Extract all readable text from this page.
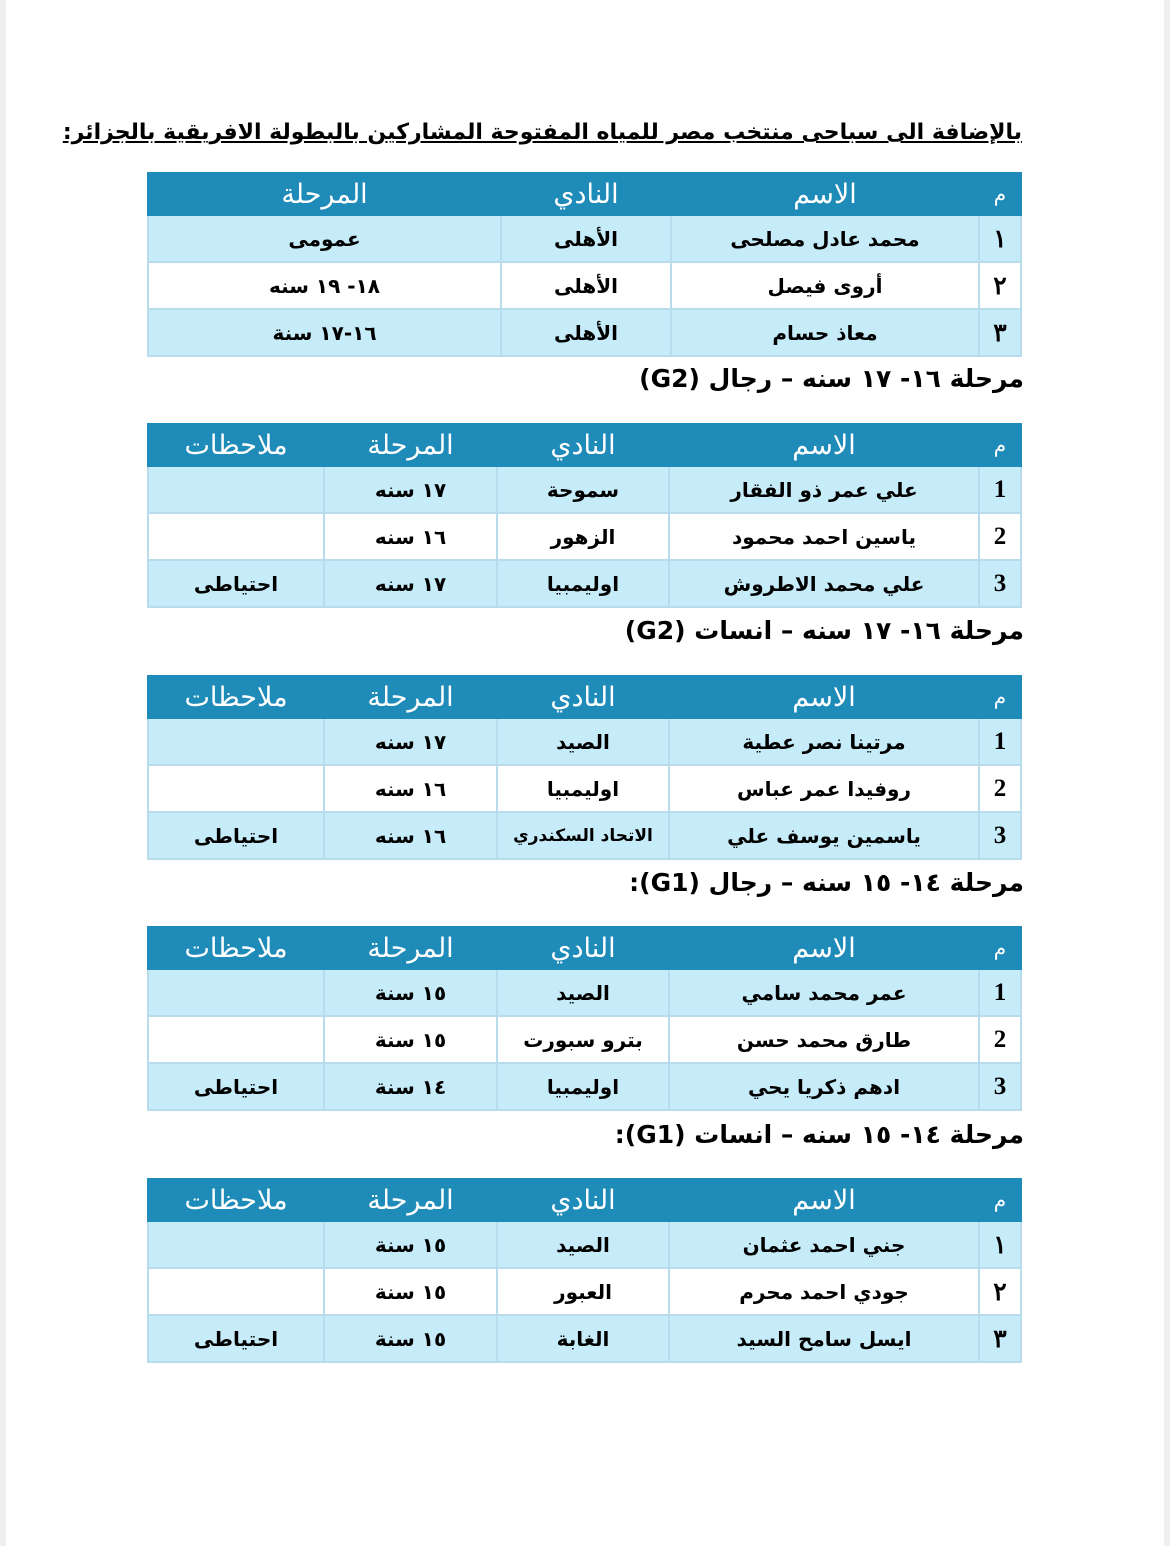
بالإضافة الى سباحى منتخب مصر للمياه المفتوحة المشاركين بالبطولة الافريقية بالجزائر:
م	الاسم	النادي	المرحلة
١	محمد عادل مصلحى	الأهلى	عمومى
٢	أروى فيصل	الأهلى	١٨- ١٩ سنه
٣	معاذ حسام	الأهلى	١٦-١٧ سنة
مرحلة ١٦- ١٧ سنه – رجال (G2)
م	الاسم	النادي	المرحلة	ملاحظات
1	علي عمر ذو الفقار	سموحة	١٧ سنه	
2	ياسين احمد محمود	الزهور	١٦ سنه	
3	علي محمد الاطروش	اوليمبيا	١٧ سنه	احتياطى
مرحلة ١٦- ١٧ سنه – انسات (G2)
م	الاسم	النادي	المرحلة	ملاحظات
1	مرتينا نصر عطية	الصيد	١٧ سنه	
2	روفيدا عمر عباس	اوليمبيا	١٦ سنه	
3	ياسمين يوسف علي	الاتحاد السكندري	١٦ سنه	احتياطى
مرحلة ١٤- ١٥ سنه – رجال (G1):
م	الاسم	النادي	المرحلة	ملاحظات
1	عمر محمد سامي	الصيد	١٥ سنة	
2	طارق محمد حسن	بترو سبورت	١٥ سنة	
3	ادهم ذكريا يحي	اوليمبيا	١٤ سنة	احتياطى
مرحلة ١٤- ١٥ سنه – انسات (G1):
م	الاسم	النادي	المرحلة	ملاحظات
١	جني احمد عثمان	الصيد	١٥ سنة	
٢	جودي احمد محرم	العبور	١٥ سنة	
٣	ايسل سامح السيد	الغابة	١٥ سنة	احتياطى
